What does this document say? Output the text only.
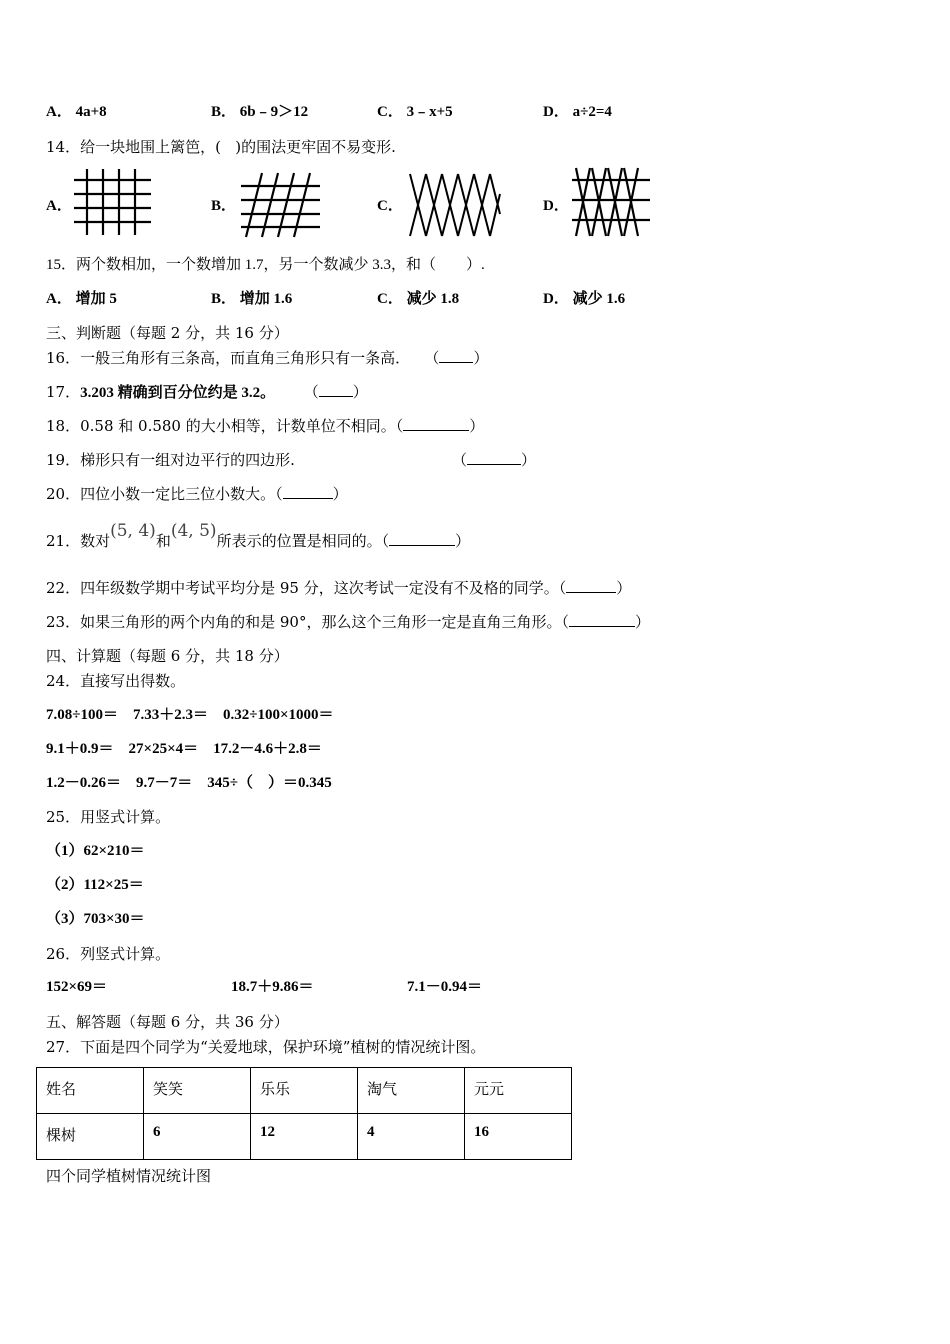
A． 4a+8	B． 6b﹣9＞12	C． 3﹣x+5	D． a÷2=4
14．给一块地围上篱笆，( )的围法更牢固不易变形.
A．	B．	C．	D．
15．两个数相加，一个数增加 1.7，另一个数减少 3.3，和（　　）.
A． 增加 5	B． 增加 1.6	C． 减少 1.8	D． 减少 1.6
三、判断题（每题 2 分，共 16 分）
16．一般三角形有三条高，而直角三角形只有一条高． （ ）
17．3.203 精确到百分位约是 3.2。 （ ）
18．0.58 和 0.580 的大小相等，计数单位不相同。（	）
19．梯形只有一组对边平行的四边形.	（	）
20．四位小数一定比三位小数大。（	）
21．数对(5, 4)和(4, 5)所表示的位置是相同的。（	）
22．四年级数学期中考试平均分是 95 分，这次考试一定没有不及格的同学。（	）
23．如果三角形的两个内角的和是 90°，那么这个三角形一定是直角三角形。（	）
四、计算题（每题 6 分，共 18 分）
24．直接写出得数。
7.08÷100＝ 7.33＋2.3＝ 0.32÷100×1000＝
9.1＋0.9＝ 27×25×4＝ 17.2－4.6＋2.8＝
1.2－0.26＝ 9.7－7＝ 345÷（　）＝0.345
25．用竖式计算。
（1）62×210＝
（2）112×25＝
（3）703×30＝
26．列竖式计算。
152×69＝	18.7＋9.86＝	7.1－0.94＝
五、解答题（每题 6 分，共 36 分）
27．下面是四个同学为“关爱地球，保护环境”植树的情况统计图。
姓名	笑笑	乐乐	淘气	元元
棵树	6	12	4	16
四个同学植树情况统计图
